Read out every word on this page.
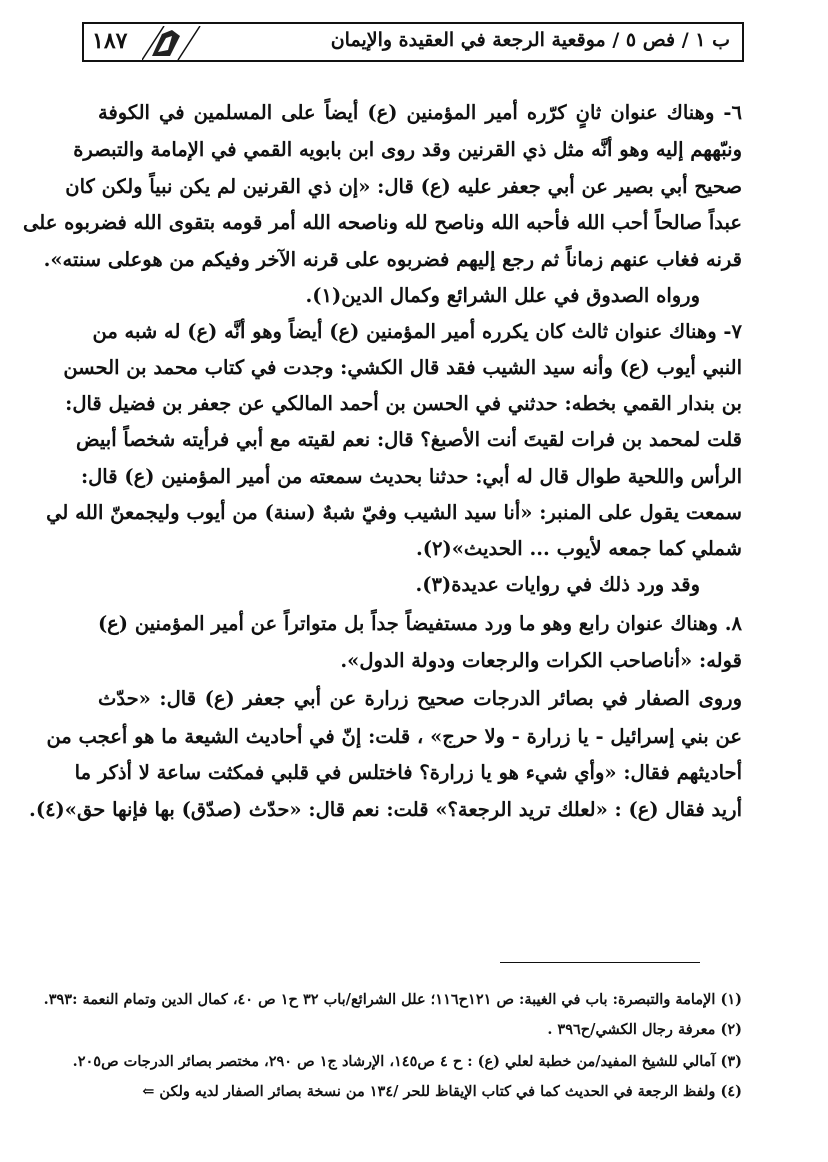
١٨٧	ب ١ / فص ٥ / موقعية الرجعة في العقيدة والإيمان
٦- وهناك عنوان ثانٍ كرّره أمير المؤمنين (ع) أيضاً على المسلمين في الكوفة
ونبّههم إليه وهو أنَّه مثل ذي القرنين وقد روى ابن بابويه القمي في الإمامة والتبصرة
صحيح أبي بصير عن أبي جعفر عليه (ع) قال: «إن ذي القرنين لم يكن نبياً ولكن كان
عبداً صالحاً أحب الله فأحبه الله وناصح لله وناصحه الله أمر قومه بتقوى الله فضربوه على
قرنه فغاب عنهم زماناً ثم رجع إليهم فضربوه على قرنه الآخر وفيكم من هوعلى سنته».
ورواه الصدوق في علل الشرائع وكمال الدين(١).
٧- وهناك عنوان ثالث كان يكرره أمير المؤمنين (ع) أيضاً وهو أنَّه (ع) له شبه من
النبي أيوب (ع) وأنه سيد الشيب فقد قال الكشي: وجدت في كتاب محمد بن الحسن
بن بندار القمي بخطه: حدثني في الحسن بن أحمد المالكي عن جعفر بن فضيل قال:
قلت لمحمد بن فرات لقيتَ أنت الأصبغ؟ قال: نعم لقيته مع أبي فرأيته شخصاً أبيض
الرأس واللحية طوال قال له أبي: حدثنا بحديث سمعته من أمير المؤمنين (ع) قال:
سمعت يقول على المنبر: «أنا سيد الشيب وفيّ شبهٌ (سنة) من أيوب وليجمعنّ الله لي
شملي كما جمعه لأيوب ... الحديث»(٢).
وقد ورد ذلك في روايات عديدة(٣).
٨. وهناك عنوان رابع وهو ما ورد مستفيضاً جداً بل متواتراً عن أمير المؤمنين (ع)
قوله: «أناصاحب الكرات والرجعات ودولة الدول».
وروى الصفار في بصائر الدرجات صحيح زرارة عن أبي جعفر (ع) قال: «حدّث
عن بني إسرائيل - يا زرارة - ولا حرج» ، قلت: إنّ في أحاديث الشيعة ما هو أعجب من
أحاديثهم فقال: «وأي شيء هو يا زرارة؟ فاختلس في قلبي فمكثت ساعة لا أذكر ما
أريد فقال (ع) : «لعلك تريد الرجعة؟» قلت: نعم قال: «حدّث (صدّق) بها فإنها حق»(٤).
(١) الإمامة والتبصرة: باب في الغيبة: ص ١٢١ح١١٦؛ علل الشرائع/باب ٣٢ ح١ ص ٤٠، كمال الدين وتمام النعمة :٣٩٣.
(٢) معرفة رجال الكشي/ح٣٩٦ .
(٣) آمالي للشيخ المفيد/من خطبة لعلي (ع) : ح ٤ ص١٤٥، الإرشاد ج١ ص ٢٩٠، مختصر بصائر الدرجات ص٢٠٥.
(٤) ولفظ الرجعة في الحديث كما في كتاب الإيقاظ للحر /١٣٤ من نسخة بصائر الصفار لديه ولكن ⇐
